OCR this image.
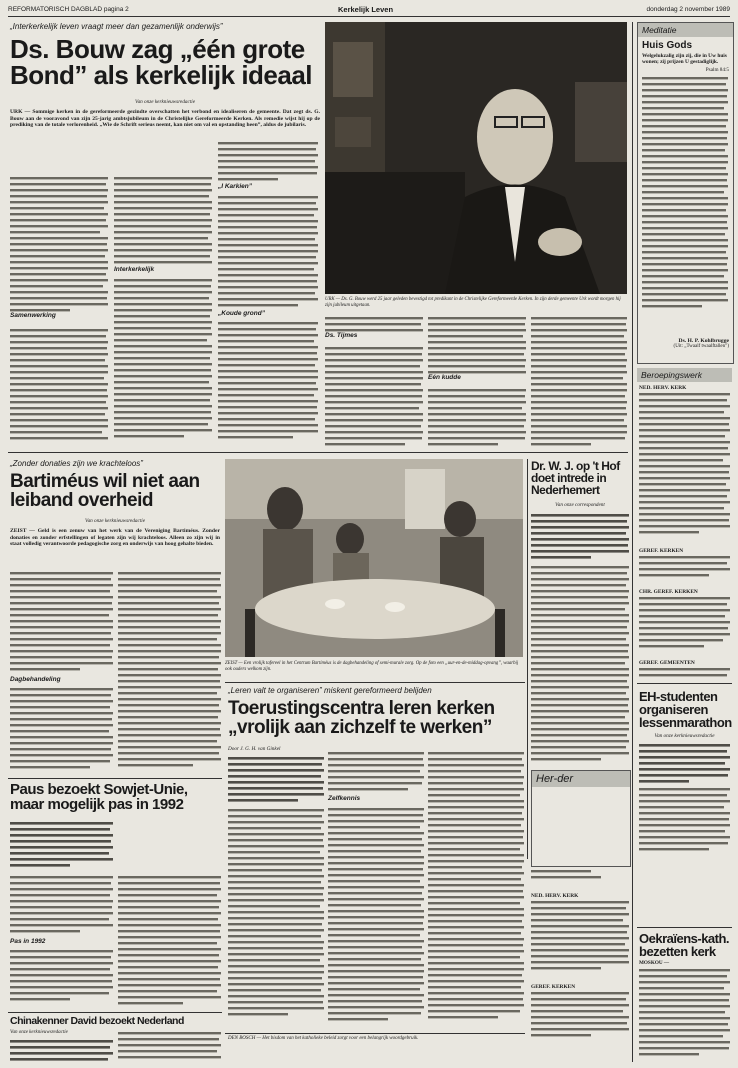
REFORMATORISCH DAGBLAD pagina 2	Kerkelijk Leven	donderdag 2 november 1989
„Interkerkelijk leven vraagt meer dan gezamenlijk onderwijs”
Ds. Bouw zag „één grote Bond” als kerkelijk ideaal
Van onze kerknieuwsredactie
URK — Sommige kerken in de gereformeerde gezindte overschatten het verbond en idealiseren de gemeente. Dat zegt ds. G. Bouw aan de vooravond van zijn 25-jarig ambtsjubileum in de Christelijke Gereformeerde Kerken. Als remedie wijst hij op de prediking van de totale verlorenheid. „Wie de Schrift serieus neemt, kan niet om val en opstanding heen”, aldus de jubilaris.
Samenwerking
Interkerkelijk
„I Karkien”
„Koude grond”
URK — Ds. G. Bouw werd 25 jaar geleden bevestigd tot predikant in de Christelijke Gereformeerde Kerken. In zijn derde gemeente Urk wordt morgen hij zijn jubileum uitgetaan.
Ds. Tijmes
Eén kudde
Meditatie
Huis Gods
Welgelukzalig zijn zij, die in Uw huis wonen; zij prijzen U gestadiglijk.
Psalm 84:5
Ds. H. P. Kohlbrugge
(Uit: „Twaalf twaalftallen”)
Beroepingswerk
NED. HERV. KERK
GEREF. KERKEN
CHR. GEREF. KERKEN
GEREF. GEMEENTEN
EH-studenten organiseren lessenmarathon
Van onze kerknieuwsredactie
Oekraïens-kath. bezetten kerk
MOSKOU —
„Zonder donaties zijn we krachteloos”
Bartiméus wil niet aan leiband overheid
Van onze kerknieuwsredactie
ZEIST — Geld is een zenuw van het werk van de Vereniging Bartiméus. Zonder donaties en zonder erfstellingen of legaten zijn wij krachteloos. Alleen zo zijn wij in staat volledig verantwoorde pedagogische zorg en onderwijs van hoog gehalte bieden.
ZEIST — Een vrolijk tafereel in het Centrum Bartiméus is de dagbehandeling of semi-murale zorg. Op de foto een „uur-en-de-middag-opvang”, waarbij ook ouders welkom zijn.
Dagbehandeling
Dr. W. J. op 't Hof doet intrede in Nederhemert
Van onze correspondent
Her-der
NED. HERV. KERK
GEREF. KERKEN
„Leren valt te organiseren” miskent gereformeerd belijden
Toerustingscentra leren kerken „vrolijk aan zichzelf te werken”
Door J. G. H. van Ginkel
Zelfkennis
DEN BOSCH — Het bisdom van het katholieke beleid zorgt voor een belangrijk woordgebruik.
Paus bezoekt Sowjet-Unie, maar mogelijk pas in 1992
Pas in 1992
Chinakenner David bezoekt Nederland
Van onze kerknieuwsredactie
